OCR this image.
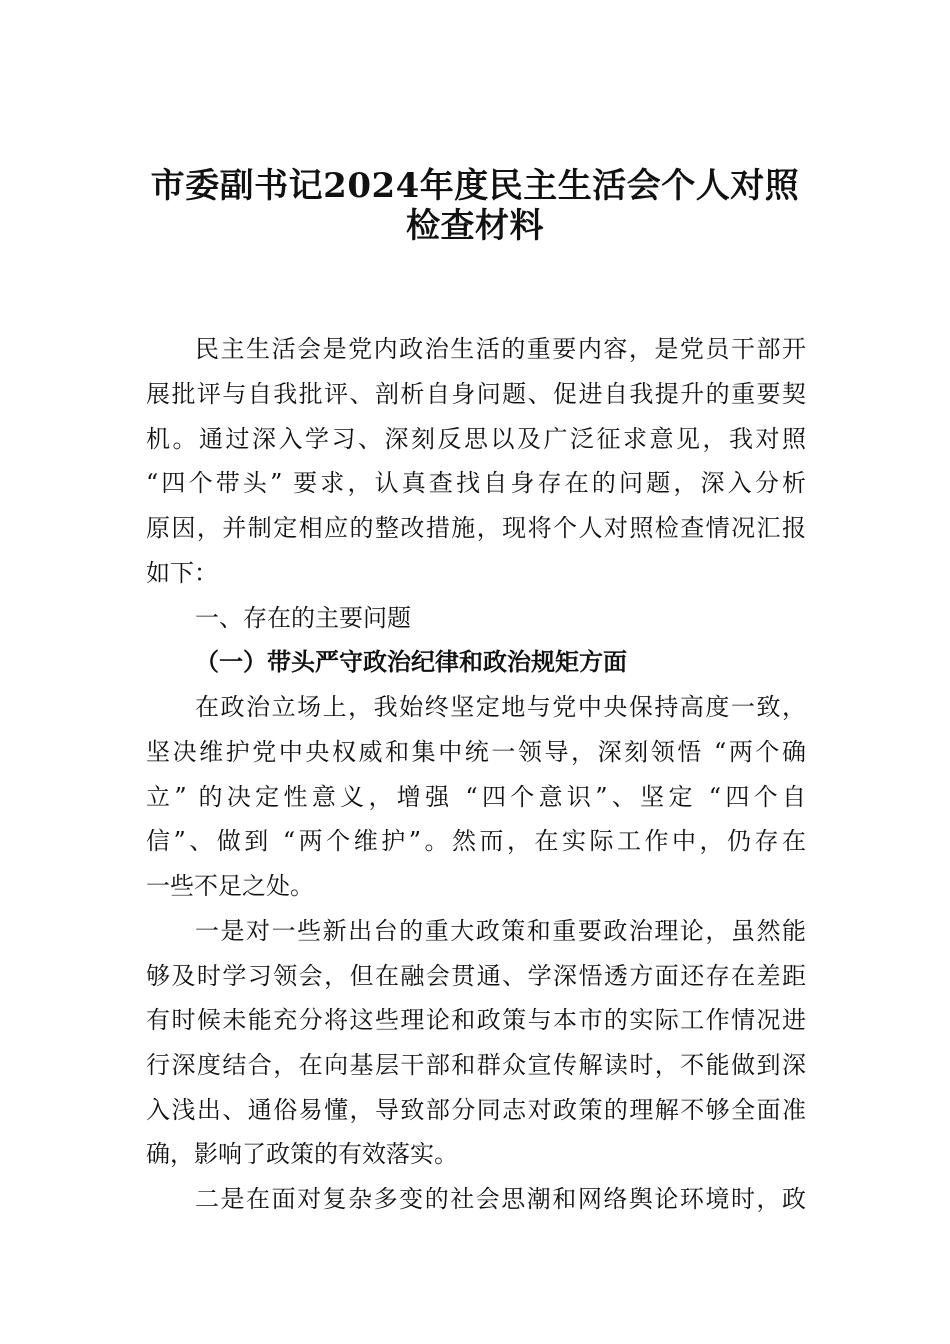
市委副书记2024年度民主生活会个人对照
检查材料
民主生活会是党内政治生活的重要内容，是党员干部开
展批评与自我批评、剖析自身问题、促进自我提升的重要契
机。通过深入学习、深刻反思以及广泛征求意见，我对照
“四个带头” 要求，认真查找自身存在的问题，深入分析
原因，并制定相应的整改措施，现将个人对照检查情况汇报
如下：
一、存在的主要问题
（一）带头严守政治纪律和政治规矩方面
在政治立场上，我始终坚定地与党中央保持高度一致，
坚决维护党中央权威和集中统一领导，深刻领悟 “两个确
立” 的决定性意义，增强 “四个意识”、坚定 “四个自
信”、做到 “两个维护”。然而，在实际工作中，仍存在
一些不足之处。
一是对一些新出台的重大政策和重要政治理论，虽然能
够及时学习领会，但在融会贯通、学深悟透方面还存在差距
有时候未能充分将这些理论和政策与本市的实际工作情况进
行深度结合，在向基层干部和群众宣传解读时，不能做到深
入浅出、通俗易懂，导致部分同志对政策的理解不够全面准
确，影响了政策的有效落实。
二是在面对复杂多变的社会思潮和网络舆论环境时，政
